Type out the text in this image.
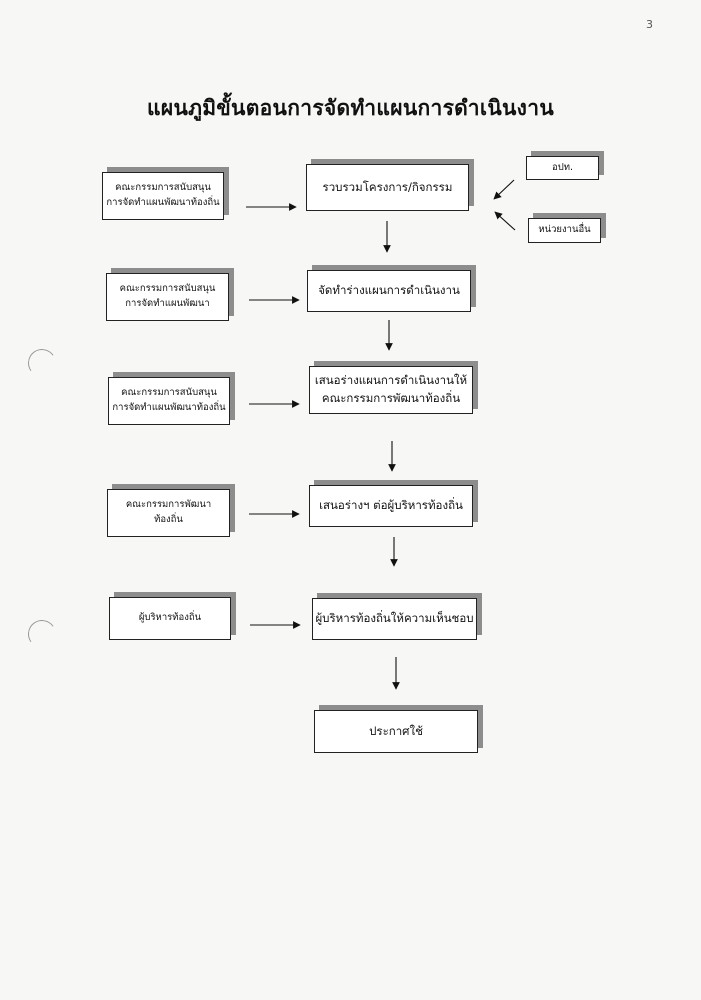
3
แผนภูมิขั้นตอนการจัดทำแผนการดำเนินงาน
คณะกรรมการสนับสนุน
การจัดทำแผนพัฒนาท้องถิ่น
รวบรวมโครงการ/กิจกรรม
อปท.
หน่วยงานอื่น
คณะกรรมการสนับสนุน
การจัดทำแผนพัฒนา
จัดทำร่างแผนการดำเนินงาน
คณะกรรมการสนับสนุน
การจัดทำแผนพัฒนาท้องถิ่น
เสนอร่างแผนการดำเนินงานให้
คณะกรรมการพัฒนาท้องถิ่น
คณะกรรมการพัฒนา
ท้องถิ่น
เสนอร่างฯ ต่อผู้บริหารท้องถิ่น
ผู้บริหารท้องถิ่น	ผู้บริหารท้องถิ่นให้ความเห็นชอบ
ประกาศใช้
